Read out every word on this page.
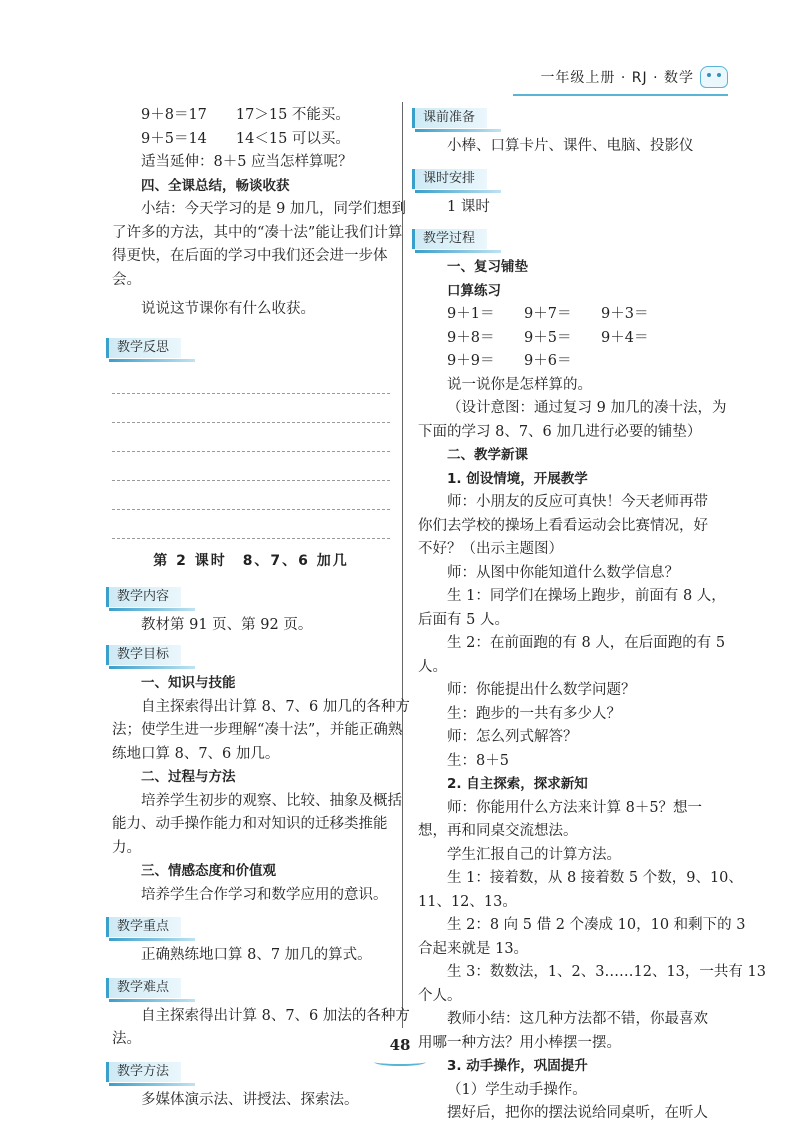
一年级上册 · RJ · 数学
9＋8＝17　　17＞15 不能买。
9＋5＝14　　14＜15 可以买。
适当延伸：8＋5 应当怎样算呢？
四、全课总结，畅谈收获
小结：今天学习的是 9 加几，同学们想到
了许多的方法，其中的“凑十法”能让我们计算
得更快，在后面的学习中我们还会进一步体
会。
说说这节课你有什么收获。
教学反思
第 2 课时　8、7、6 加几
教学内容
教材第 91 页、第 92 页。
教学目标
一、知识与技能
自主探索得出计算 8、7、6 加几的各种方
法；使学生进一步理解“凑十法”，并能正确熟
练地口算 8、7、6 加几。
二、过程与方法
培养学生初步的观察、比较、抽象及概括
能力、动手操作能力和对知识的迁移类推能
力。
三、情感态度和价值观
培养学生合作学习和数学应用的意识。
教学重点
正确熟练地口算 8、7 加几的算式。
教学难点
自主探索得出计算 8、7、6 加法的各种方
法。
教学方法
多媒体演示法、讲授法、探索法。
课前准备
小棒、口算卡片、课件、电脑、投影仪
课时安排
1 课时
教学过程
一、复习铺垫
口算练习
9＋1＝	9＋7＝	9＋3＝
9＋8＝	9＋5＝	9＋4＝
9＋9＝	9＋6＝
说一说你是怎样算的。
（设计意图：通过复习 9 加几的凑十法，为
下面的学习 8、7、6 加几进行必要的铺垫）
二、教学新课
1. 创设情境，开展教学
师：小朋友的反应可真快！今天老师再带
你们去学校的操场上看看运动会比赛情况，好
不好？（出示主题图）
师：从图中你能知道什么数学信息？
生 1：同学们在操场上跑步，前面有 8 人，
后面有 5 人。
生 2：在前面跑的有 8 人，在后面跑的有 5
人。
师：你能提出什么数学问题？
生：跑步的一共有多少人？
师：怎么列式解答？
生：8＋5
2. 自主探索，探求新知
师：你能用什么方法来计算 8＋5？想一
想，再和同桌交流想法。
学生汇报自己的计算方法。
生 1：接着数，从 8 接着数 5 个数，9、10、
11、12、13。
生 2：8 向 5 借 2 个凑成 10，10 和剩下的 3
合起来就是 13。
生 3：数数法，1、2、3……12、13，一共有 13
个人。
教师小结：这几种方法都不错，你最喜欢
用哪一种方法？用小棒摆一摆。
3. 动手操作，巩固提升
（1）学生动手操作。
摆好后，把你的摆法说给同桌听，在听人
48
